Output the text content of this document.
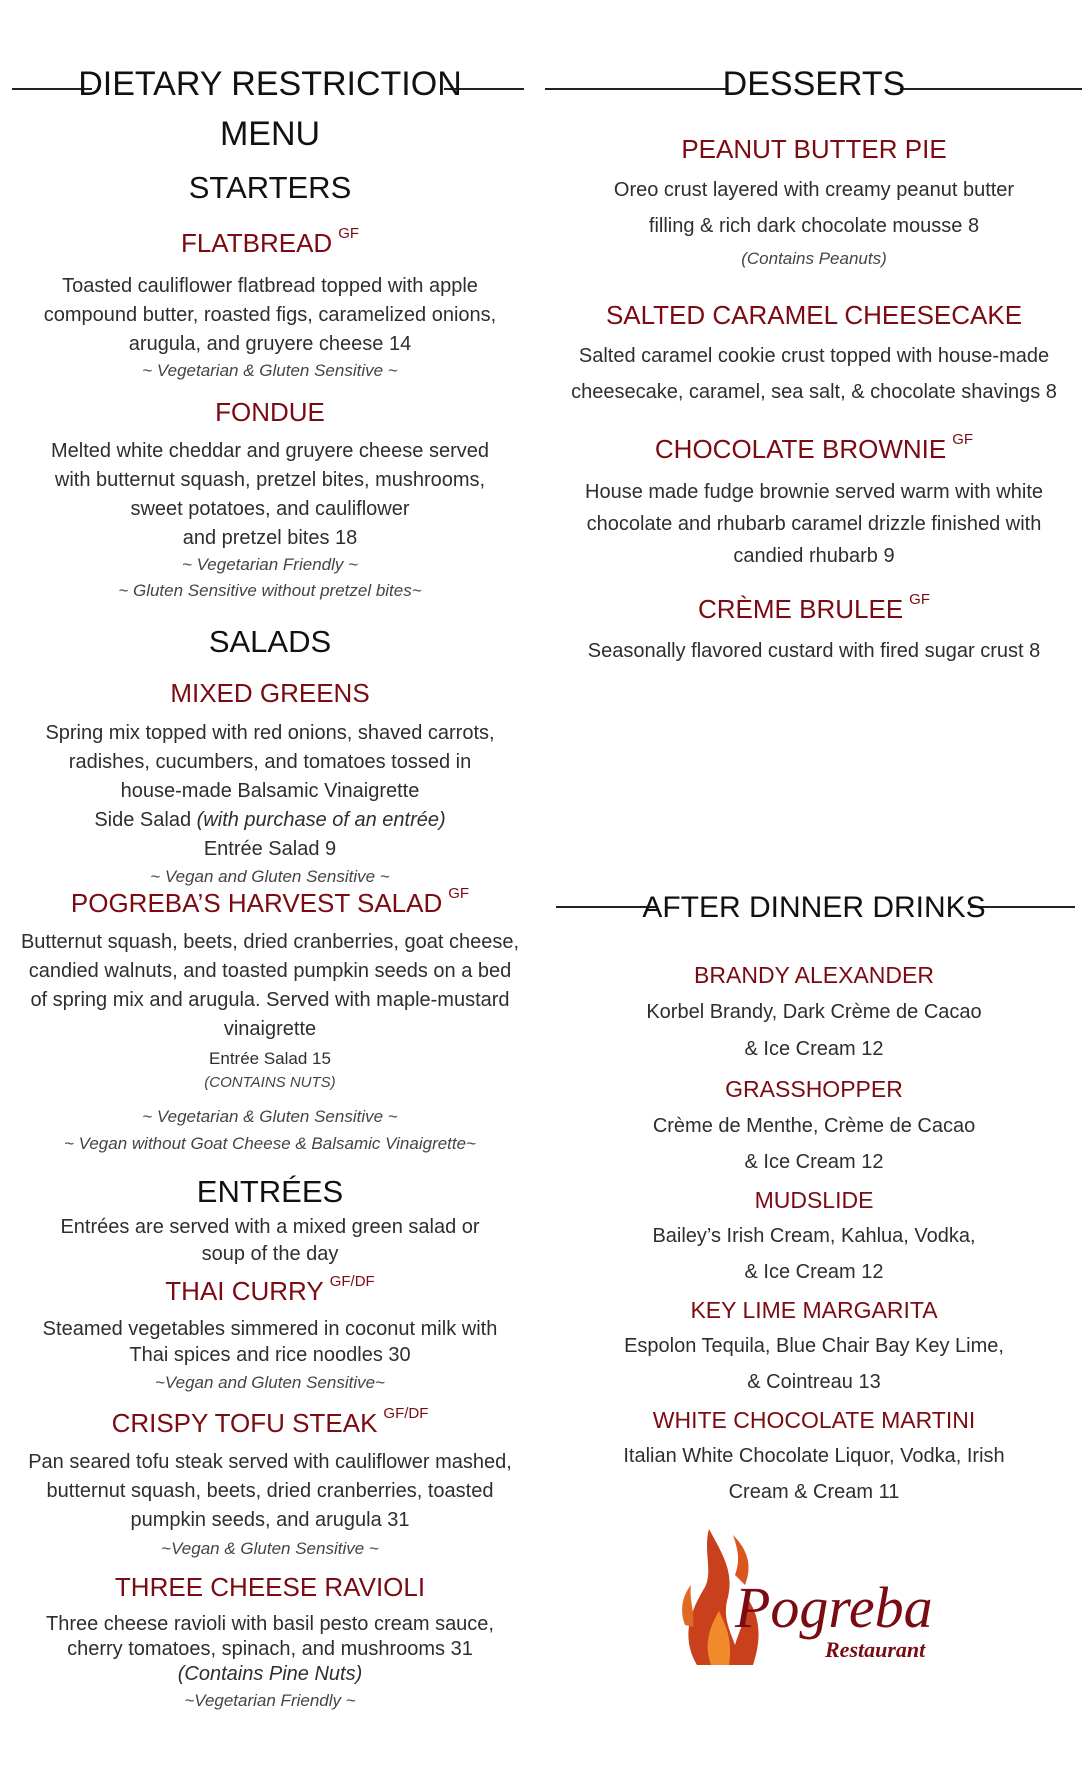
DIETARY RESTRICTION
MENU
STARTERS
FLATBREAD $^{GF}$
Toasted cauliflower flatbread topped with apple compound butter, roasted figs, caramelized onions, arugula, and gruyere cheese 14
~ Vegetarian & Gluten Sensitive ~
FONDUE
Melted white cheddar and gruyere cheese served with butternut squash, pretzel bites, mushrooms, sweet potatoes, and cauliflower
and pretzel bites 18
~ Vegetarian Friendly ~
~ Gluten Sensitive without pretzel bites~
SALADS
MIXED GREENS
Spring mix topped with red onions, shaved carrots, radishes, cucumbers, and tomatoes tossed in house-made Balsamic Vinaigrette
Side Salad (with purchase of an entrée)
Entrée Salad 9
~ Vegan and Gluten Sensitive ~
POGREBA’S HARVEST SALAD $^{GF}$
Butternut squash, beets, dried cranberries, goat cheese, candied walnuts, and toasted pumpkin seeds on a bed of spring mix and arugula. Served with maple-mustard vinaigrette
Entrée Salad 15
(CONTAINS NUTS)
~ Vegetarian & Gluten Sensitive ~
~ Vegan without Goat Cheese & Balsamic Vinaigrette~
ENTRÉES
Entrées are served with a mixed green salad or soup of the day
THAI CURRY $^{GF/DF}$
Steamed vegetables simmered in coconut milk with Thai spices and rice noodles 30
~Vegan and Gluten Sensitive~
CRISPY TOFU STEAK $^{GF/DF}$
Pan seared tofu steak served with cauliflower mashed, butternut squash, beets, dried cranberries, toasted pumpkin seeds, and arugula 31
~Vegan & Gluten Sensitive ~
THREE CHEESE RAVIOLI
Three cheese ravioli with basil pesto cream sauce, cherry tomatoes, spinach, and mushrooms 31
(Contains Pine Nuts)
~Vegetarian Friendly ~
DESSERTS
PEANUT BUTTER PIE
Oreo crust layered with creamy peanut butter filling & rich dark chocolate mousse 8
(Contains Peanuts)
SALTED CARAMEL CHEESECAKE
Salted caramel cookie crust topped with house-made cheesecake, caramel, sea salt, & chocolate shavings 8
CHOCOLATE BROWNIE $^{GF}$
House made fudge brownie served warm with white chocolate and rhubarb caramel drizzle finished with candied rhubarb 9
CRÈME BRULEE $^{GF}$
Seasonally flavored custard with fired sugar crust 8
AFTER DINNER DRINKS
BRANDY ALEXANDER
Korbel Brandy, Dark Crème de Cacao
& Ice Cream 12
GRASSHOPPER
Crème de Menthe, Crème de Cacao
& Ice Cream 12
MUDSLIDE
Bailey’s Irish Cream, Kahlua, Vodka,
& Ice Cream 12
KEY LIME MARGARITA
Espolon Tequila, Blue Chair Bay Key Lime,
& Cointreau 13
WHITE CHOCOLATE MARTINI
Italian White Chocolate Liquor, Vodka, Irish
Cream & Cream 11
Pogreba
Restaurant
